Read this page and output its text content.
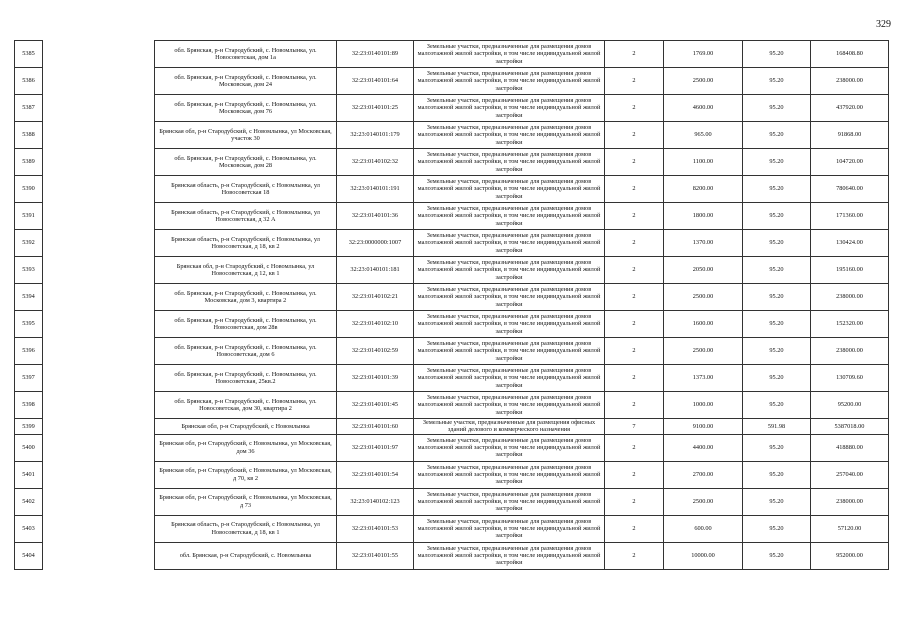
329
5385		обл. Брянская, р-н Стародубский, с. Новомлынка, ул. Новосоветская, дом 1а	32:23:0140101:89	Земельные участки, предназначенные для размещения домов малоэтажной жилой застройки, в том числе индивидуальной жилой застройки	2	1769.00	95.20	168408.80
5386		обл. Брянская, р-н Стародубский, с. Новомлынка, ул. Московская, дом 24	32:23:0140101:64	Земельные участки, предназначенные для размещения домов малоэтажной жилой застройки, в том числе индивидуальной жилой застройки	2	2500.00	95.20	238000.00
5387		обл. Брянская, р-н Стародубский, с. Новомлынка, ул. Московская, дом 76	32:23:0140101:25	Земельные участки, предназначенные для размещения домов малоэтажной жилой застройки, в том числе индивидуальной жилой застройки	2	4600.00	95.20	437920.00
5388		Брянская обл, р-н Стародубский, с Новомлынка, ул Московская, участок 30	32:23:0140101:179	Земельные участки, предназначенные для размещения домов малоэтажной жилой застройки, в том числе индивидуальной жилой застройки	2	965.00	95.20	91868.00
5389		обл. Брянская, р-н Стародубский, с. Новомлынка, ул. Московская, дом 28	32:23:0140102:32	Земельные участки, предназначенные для размещения домов малоэтажной жилой застройки, в том числе индивидуальной жилой застройки	2	1100.00	95.20	104720.00
5390		Брянская область, р-н Стародубский, с Новомлынка, ул Новосоветская 18	32:23:0140101:191	Земельные участки, предназначенные для размещения домов малоэтажной жилой застройки, в том числе индивидуальной жилой застройки	2	8200.00	95.20	780640.00
5391		Брянская область, р-н Стародубский, с Новомлынка, ул Новосоветская, д 32 А	32:23:0140101:36	Земельные участки, предназначенные для размещения домов малоэтажной жилой застройки, в том числе индивидуальной жилой застройки	2	1800.00	95.20	171360.00
5392		Брянская область, р-н Стародубский, с Новомлынка, ул Новосоветская, д 18, кв 2	32:23:0000000:1007	Земельные участки, предназначенные для размещения домов малоэтажной жилой застройки, в том числе индивидуальной жилой застройки	2	1370.00	95.20	130424.00
5393		Брянская обл, р-н Стародубский, с Новомлынка, ул Новосоветская, д 12, кв 1	32:23:0140101:181	Земельные участки, предназначенные для размещения домов малоэтажной жилой застройки, в том числе индивидуальной жилой застройки	2	2050.00	95.20	195160.00
5394		обл. Брянская, р-н Стародубский, с. Новомлынка, ул. Московская, дом 3, квартира 2	32:23:0140102:21	Земельные участки, предназначенные для размещения домов малоэтажной жилой застройки, в том числе индивидуальной жилой застройки	2	2500.00	95.20	238000.00
5395		обл. Брянская, р-н Стародубский, с. Новомлынка, ул. Новосоветская, дом 28в	32:23:0140102:10	Земельные участки, предназначенные для размещения домов малоэтажной жилой застройки, в том числе индивидуальной жилой застройки	2	1600.00	95.20	152320.00
5396		обл. Брянская, р-н Стародубский, с. Новомлынка, ул. Новосоветская, дом 6	32:23:0140102:59	Земельные участки, предназначенные для размещения домов малоэтажной жилой застройки, в том числе индивидуальной жилой застройки	2	2500.00	95.20	238000.00
5397		обл. Брянская, р-н Стародубский, с. Новомлынка, ул. Новосоветская, 25кв.2	32:23:0140101:39	Земельные участки, предназначенные для размещения домов малоэтажной жилой застройки, в том числе индивидуальной жилой застройки	2	1373.00	95.20	130709.60
5398		обл. Брянская, р-н Стародубский, с. Новомлынка, ул. Новосоветская, дом 30, квартира 2	32:23:0140101:45	Земельные участки, предназначенные для размещения домов малоэтажной жилой застройки, в том числе индивидуальной жилой застройки	2	1000.00	95.20	95200.00
5399		Брянская обл, р-н Стародубский, с Новомлынка	32:23:0140101:60	Земельные участки, предназначенные для размещения офисных зданий делового и коммерческого назначения	7	9100.00	591.98	5387018.00
5400		Брянская обл, р-н Стародубский, с Новомлынка, ул Московская, дом 36	32:23:0140101:97	Земельные участки, предназначенные для размещения домов малоэтажной жилой застройки, в том числе индивидуальной жилой застройки	2	4400.00	95.20	418880.00
5401		Брянская обл, р-н Стародубский, с Новомлынка, ул Московская, д 70, кв 2	32:23:0140101:54	Земельные участки, предназначенные для размещения домов малоэтажной жилой застройки, в том числе индивидуальной жилой застройки	2	2700.00	95.20	257040.00
5402		Брянская обл, р-н Стародубский, с Новомлынка, ул Московская, д 73	32:23:0140102:123	Земельные участки, предназначенные для размещения домов малоэтажной жилой застройки, в том числе индивидуальной жилой застройки	2	2500.00	95.20	238000.00
5403		Брянская область, р-н Стародубский, с Новомлынка, ул Новосоветская, д 18, кв 1	32:23:0140101:53	Земельные участки, предназначенные для размещения домов малоэтажной жилой застройки, в том числе индивидуальной жилой застройки	2	600.00	95.20	57120.00
5404		обл. Брянская, р-н Стародубский, с. Новомлынка	32:23:0140101:55	Земельные участки, предназначенные для размещения домов малоэтажной жилой застройки, в том числе индивидуальной жилой застройки	2	10000.00	95.20	952000.00
